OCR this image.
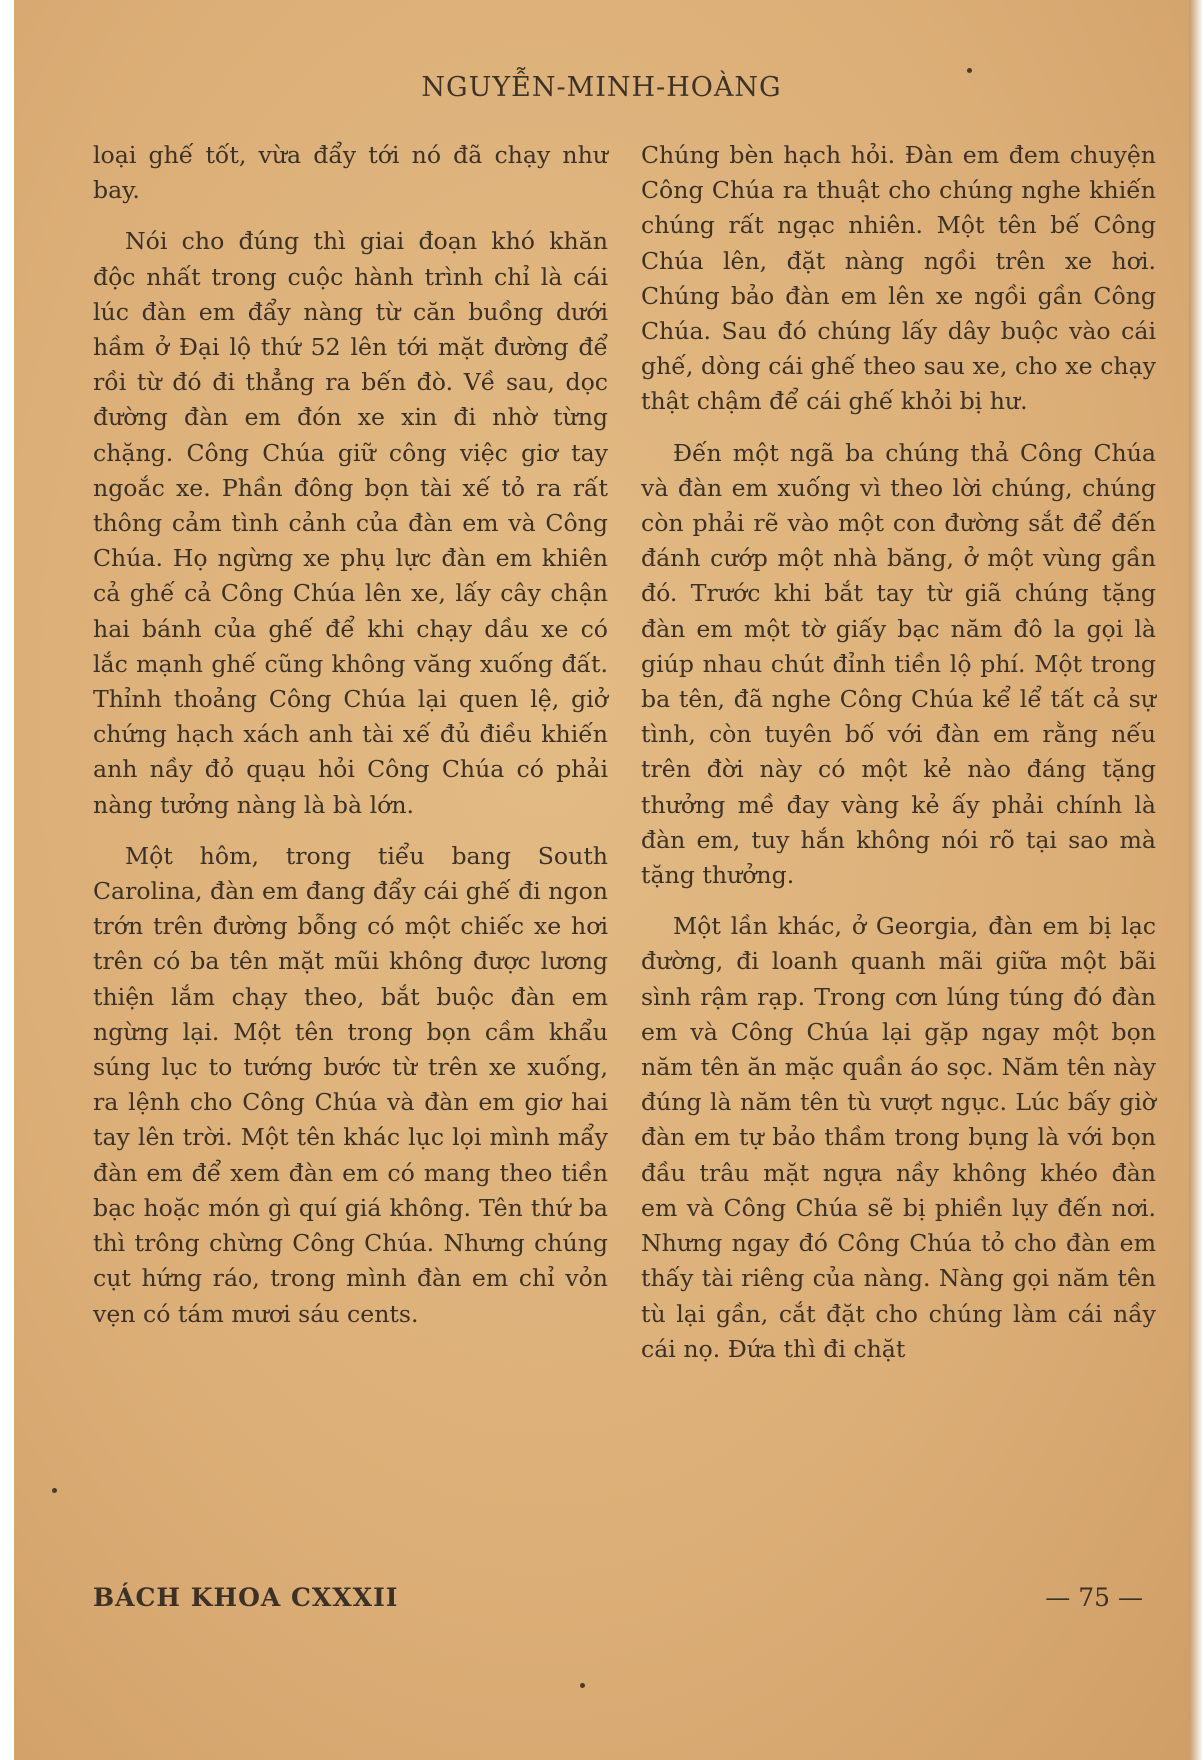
NGUYỄN-MINH-HOÀNG

loại ghế tốt, vừa đẩy tới nó đã chạy như bay.

Nói cho đúng thì giai đoạn khó khăn độc nhất trong cuộc hành trình chỉ là cái lúc đàn em đẩy nàng từ căn buồng dưới hầm ở Đại lộ thứ 52 lên tới mặt đường để rồi từ đó đi thẳng ra bến đò. Về sau, dọc đường đàn em đón xe xin đi nhờ từng chặng. Công Chúa giữ công việc giơ tay ngoắc xe. Phần đông bọn tài xế tỏ ra rất thông cảm tình cảnh của đàn em và Công Chúa. Họ ngừng xe phụ lực đàn em khiên cả ghế cả Công Chúa lên xe, lấy cây chận hai bánh của ghế để khi chạy dầu xe có lắc mạnh ghế cũng không văng xuống đất. Thỉnh thoảng Công Chúa lại quen lệ, giở chứng hạch xách anh tài xế đủ điều khiến anh nầy đỏ quạu hỏi Công Chúa có phải nàng tưởng nàng là bà lớn.

Một hôm, trong tiểu bang South Carolina, đàn em đang đẩy cái ghế đi ngon trớn trên đường bỗng có một chiếc xe hơi trên có ba tên mặt mũi không được lương thiện lắm chạy theo, bắt buộc đàn em ngừng lại. Một tên trong bọn cầm khẩu súng lục to tướng bước từ trên xe xuống, ra lệnh cho Công Chúa và đàn em giơ hai tay lên trời. Một tên khác lục lọi mình mẩy đàn em để xem đàn em có mang theo tiền bạc hoặc món gì quí giá không. Tên thứ ba thì trông chừng Công Chúa. Nhưng chúng cụt hứng ráo, trong mình đàn em chỉ vỏn vẹn có tám mươi sáu cents.

Chúng bèn hạch hỏi. Đàn em đem chuyện Công Chúa ra thuật cho chúng nghe khiến chúng rất ngạc nhiên. Một tên bế Công Chúa lên, đặt nàng ngồi trên xe hơi. Chúng bảo đàn em lên xe ngồi gần Công Chúa. Sau đó chúng lấy dây buộc vào cái ghế, dòng cái ghế theo sau xe, cho xe chạy thật chậm để cái ghế khỏi bị hư.

Đến một ngã ba chúng thả Công Chúa và đàn em xuống vì theo lời chúng, chúng còn phải rẽ vào một con đường sắt để đến đánh cướp một nhà băng, ở một vùng gần đó. Trước khi bắt tay từ giã chúng tặng đàn em một tờ giấy bạc năm đô la gọi là giúp nhau chút đỉnh tiền lộ phí. Một trong ba tên, đã nghe Công Chúa kể lể tất cả sự tình, còn tuyên bố với đàn em rằng nếu trên đời này có một kẻ nào đáng tặng thưởng mề đay vàng kẻ ấy phải chính là đàn em, tuy hắn không nói rõ tại sao mà tặng thưởng.

Một lần khác, ở Georgia, đàn em bị lạc đường, đi loanh quanh mãi giữa một bãi sình rậm rạp. Trong cơn lúng túng đó đàn em và Công Chúa lại gặp ngay một bọn năm tên ăn mặc quần áo sọc. Năm tên này đúng là năm tên tù vượt ngục. Lúc bấy giờ đàn em tự bảo thầm trong bụng là với bọn đầu trâu mặt ngựa nầy không khéo đàn em và Công Chúa sẽ bị phiền lụy đến nơi. Nhưng ngay đó Công Chúa tỏ cho đàn em thấy tài riêng của nàng. Nàng gọi năm tên tù lại gần, cắt đặt cho chúng làm cái nầy cái nọ. Đứa thì đi chặt

BÁCH KHOA CXXXII	— 75 —
